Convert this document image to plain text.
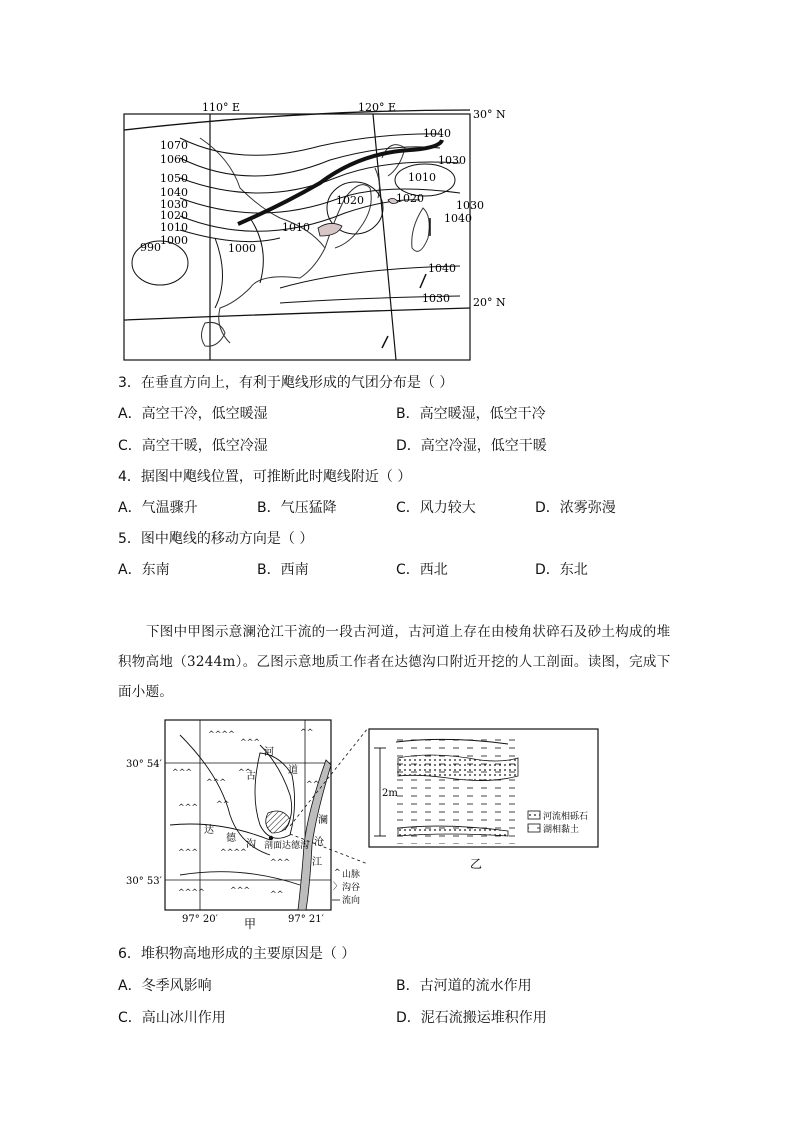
110° E	120° E
30° N
20° N
1070
1060
1050
1040
1030
1020
1010
1000
990	1000
1010
1020
1010
1020
1040
1030
1030
1040
1040
1030
3．在垂直方向上，有利于飑线形成的气团分布是（ ）
A．高空干冷，低空暖湿	B．高空暖湿，低空干冷
C．高空干暖，低空冷湿	D．高空冷湿，低空干暖
4．据图中飑线位置，可推断此时飑线附近（ ）
A．气温骤升	B．气压猛降	C．风力较大	D．浓雾弥漫
5．图中飑线的移动方向是（ ）
A．东南	B．西南	C．西北	D．东北
下图中甲图示意澜沧江干流的一段古河道，古河道上存在由棱角状碎石及砂土构成的堆积物高地（3244m）。乙图示意地质工作者在达德沟口附近开挖的人工剖面。读图，完成下面小题。
^^^^
^^^
^^
^^^
^^^
^^
^^
^^^ ^^
^^^	^^^^
^^^
^^^^	^^^ ^^
30° 54′
30° 53′
97° 20′	97° 21′
甲
河
道
古
达
德
沟 剖面 达德沟
澜
沧
江
^ 山脉
〉 沟谷
流向
2m
河流相砾石
湖相黏土
乙
6．堆积物高地形成的主要原因是（ ）
A．冬季风影响	B．古河道的流水作用
C．高山冰川作用	D．泥石流搬运堆积作用
